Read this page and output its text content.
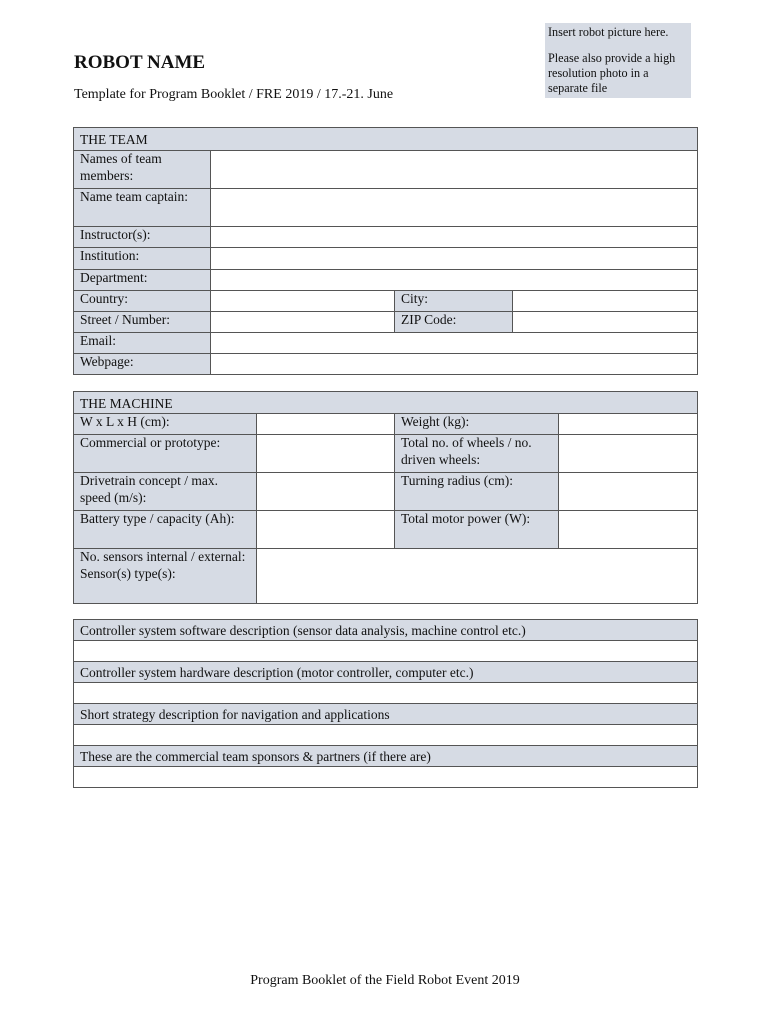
ROBOT NAME
Template for Program Booklet / FRE 2019 / 17.-21. June

Insert robot picture here.

Please also provide a high resolution photo in a separate file

THE TEAM			
Names of team members:			
Name team captain:			
Instructor(s):			
Institution:			
Department:			
Country:		City:	
Street / Number:		ZIP Code:	
Email:			
Webpage:			
THE MACHINE			
W x L x H (cm):		Weight (kg):	
Commercial or prototype:		Total no. of wheels / no. driven wheels:	
Drivetrain concept / max. speed (m/s):		Turning radius (cm):	
Battery type / capacity (Ah):		Total motor power (W):	
No. sensors internal / external: Sensor(s) type(s):			
Controller system software description (sensor data analysis, machine control etc.)

Controller system hardware description (motor controller, computer etc.)

Short strategy description for navigation and applications

These are the commercial team sponsors & partners (if there are)

Program Booklet of the Field Robot Event 2019
